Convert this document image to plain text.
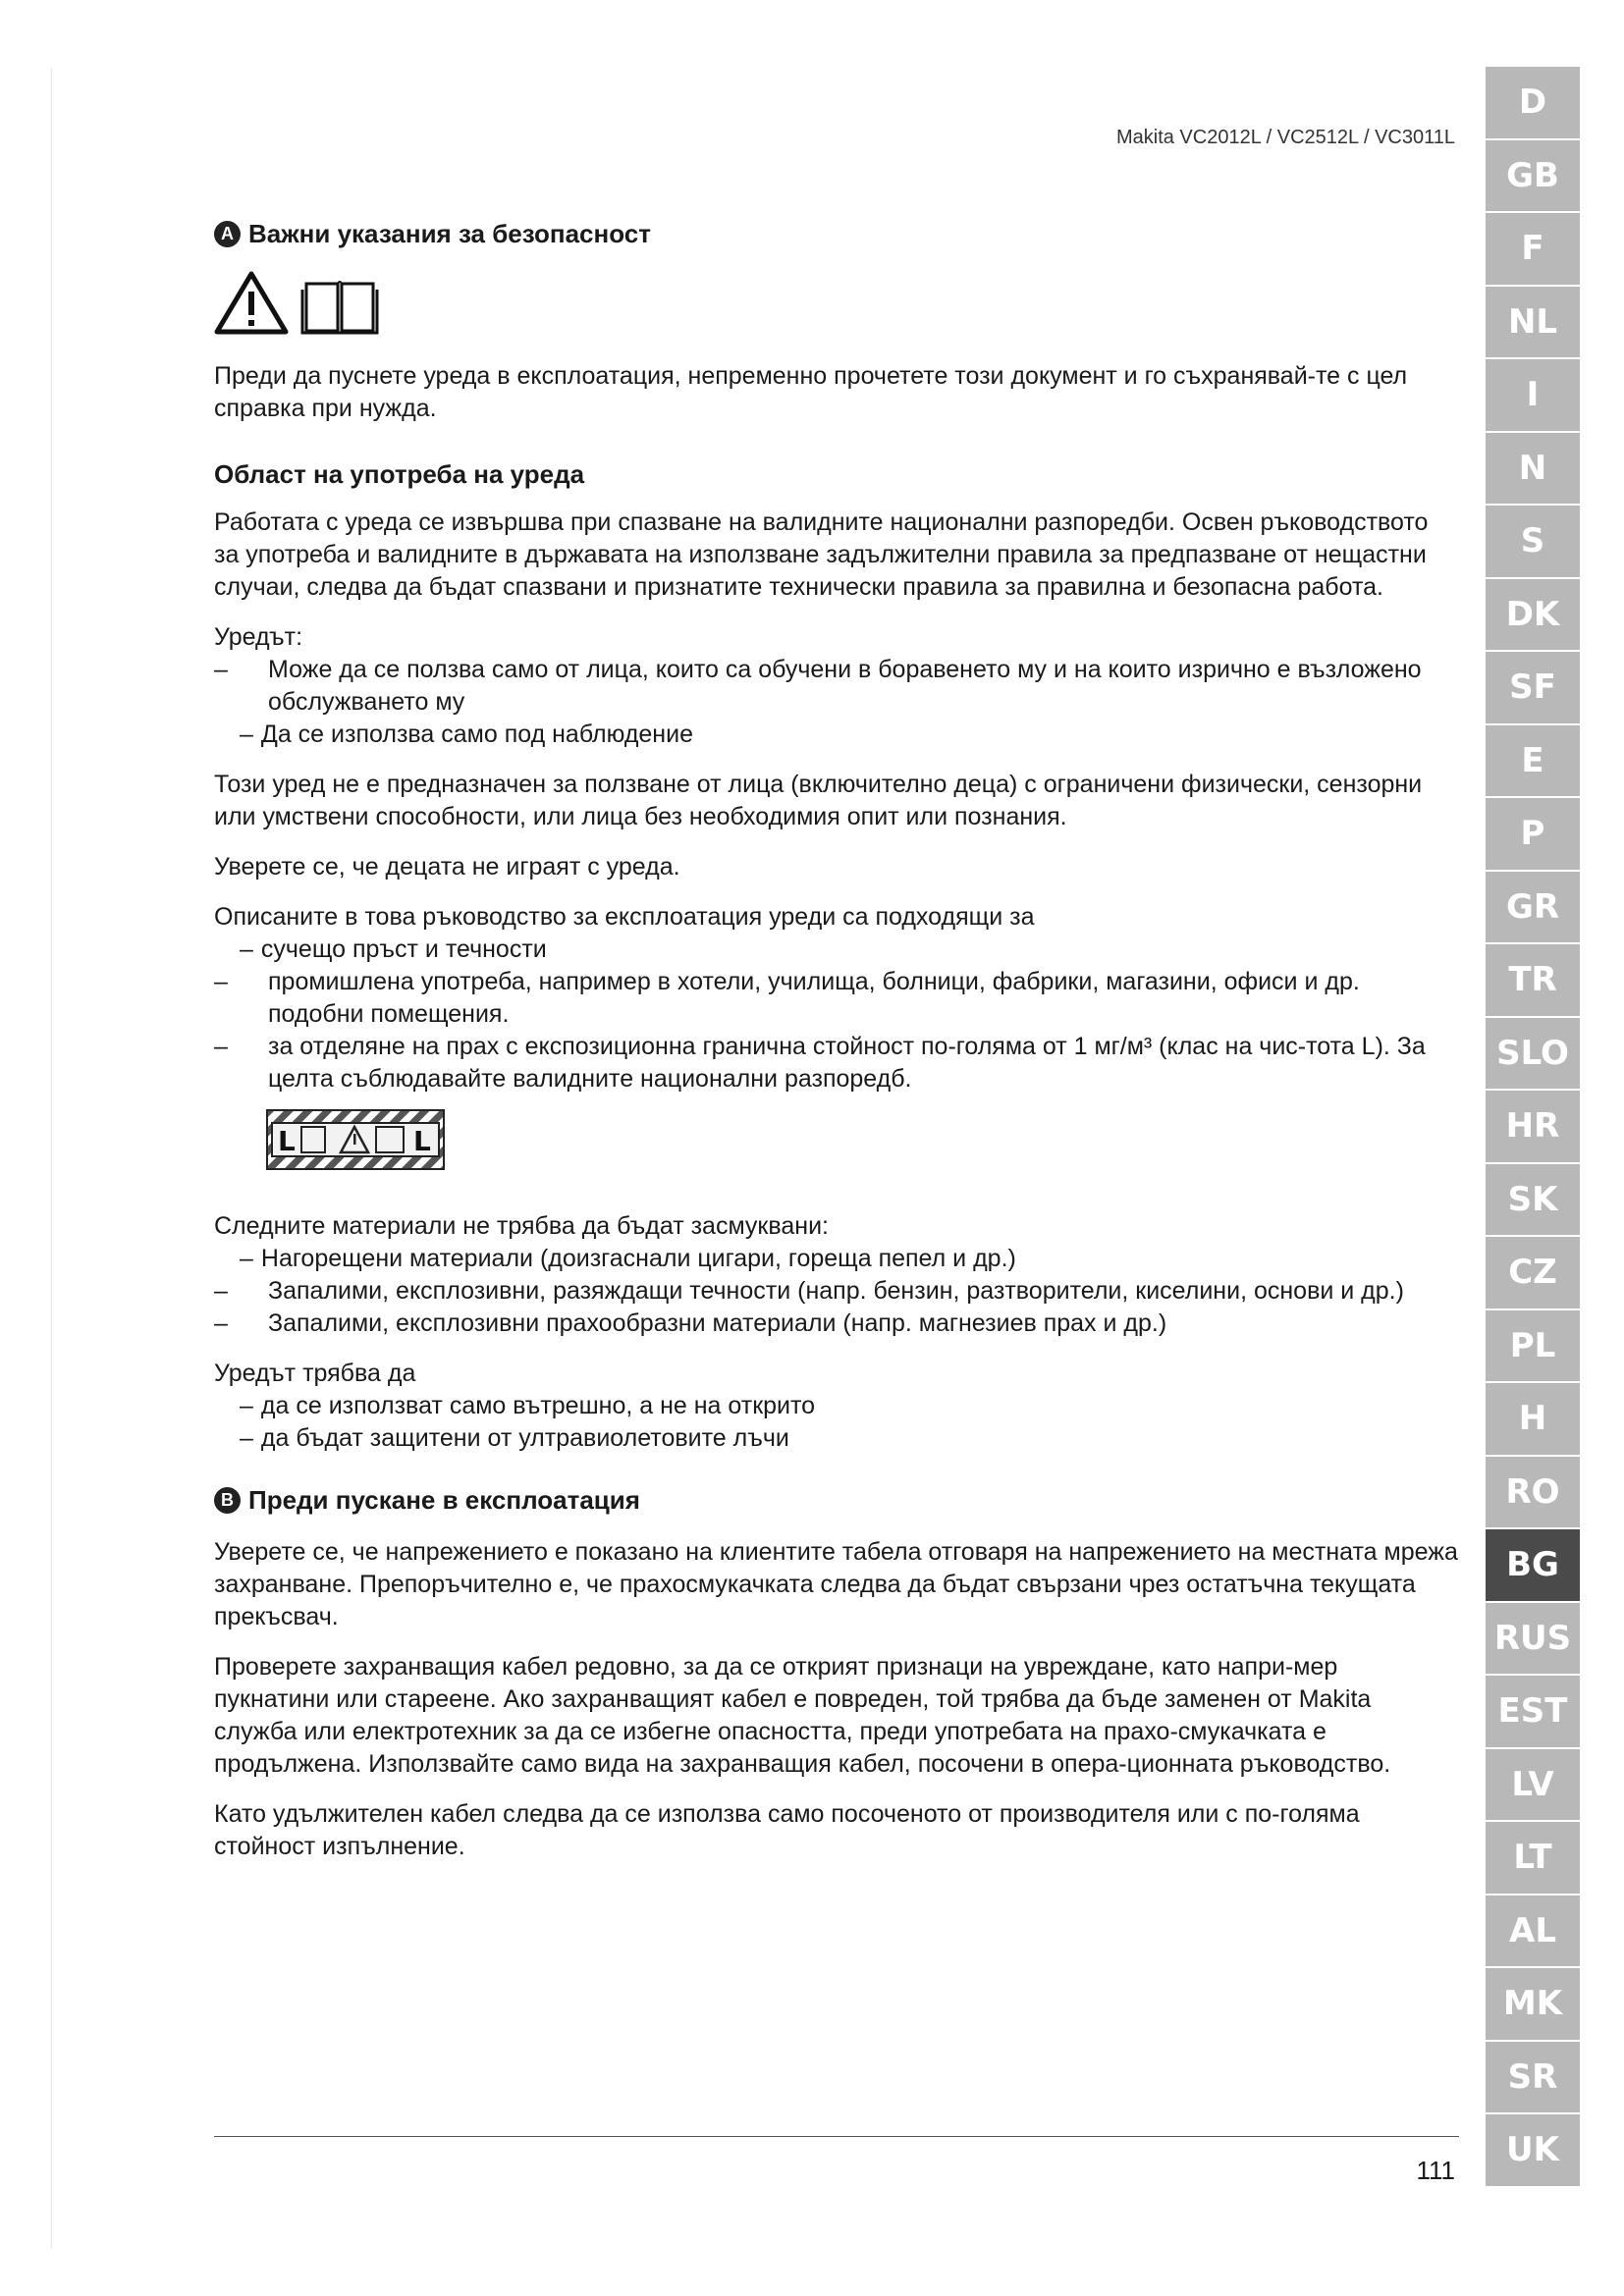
Makita VC2012L / VC2512L / VC3011L
A Важни указания за безопасност

Преди да пуснете уреда в експлоатация, непременно прочетете този документ и го съхранявай-те с цел справка при нужда.

Област на употреба на уреда

Работата с уреда се извършва при спазване на валидните национални разпоредби. Освен ръководството за употреба и валидните в държавата на използване задължителни правила за предпазване от нещастни случаи, следва да бъдат спазвани и признатите технически правила за правилна и безопасна работа.

Уредът:
–	Може да се ползва само от лица, които са обучени в боравенето му и на които изрично е възложено обслужването му
– Да се използва само под наблюдение

Този уред не е предназначен за ползване от лица (включително деца) с ограничени физически, сензорни или умствени способности, или лица без необходимия опит или познания.

Уверете се, че децата не играят с уреда.

Описаните в това ръководство за експлоатация уреди са подходящи за
– сучещо пръст и течности
–	промишлена употреба, например в хотели, училища, болници, фабрики, магазини, офиси и др. подобни помещения.
–	за отделяне на прах с експозиционна гранична стойност по-голяма от 1 мг/м³ (клас на чис-тота L). За целта съблюдавайте валидните национални разпоредб.
L	L
Следните материали не трябва да бъдат засмуквани:
– Нагорещени материали (доизгаснали цигари, гореща пепел и др.)
–	Запалими, експлозивни, разяждащи течности (напр. бензин, разтворители, киселини, основи и др.)
–	Запалими, експлозивни прахообразни материали (напр. магнезиев прах и др.)
Уредът трябва да
– да се използват само вътрешно, а не на открито
– да бъдат защитени от ултравиолетовите лъчи
B Преди пускане в експлоатация

Уверете се, че напрежението е показано на клиентите табела отговаря на напрежението на местната мрежа захранване. Препоръчително е, че прахосмукачката следва да бъдат свързани чрез остатъчна текущата прекъсвач.

Проверете захранващия кабел редовно, за да се открият признаци на увреждане, като напри-мер пукнатини или стареене. Ако захранващият кабел е повреден, той трябва да бъде заменен от Makita служба или електротехник за да се избегне опасността, преди употребата на прахо-смукачката е продължена. Използвайте само вида на захранващия кабел, посочени в опера-ционната ръководство.

Като удължителен кабел следва да се използва само посоченото от производителя или с по-голяма стойност изпълнение.

111
D
GB
F
NL
I
N
S
DK
SF
E
P
GR
TR
SLO
HR
SK
CZ
PL
H
RO
BG
RUS
EST
LV
LT
AL
MK
SR
UK
